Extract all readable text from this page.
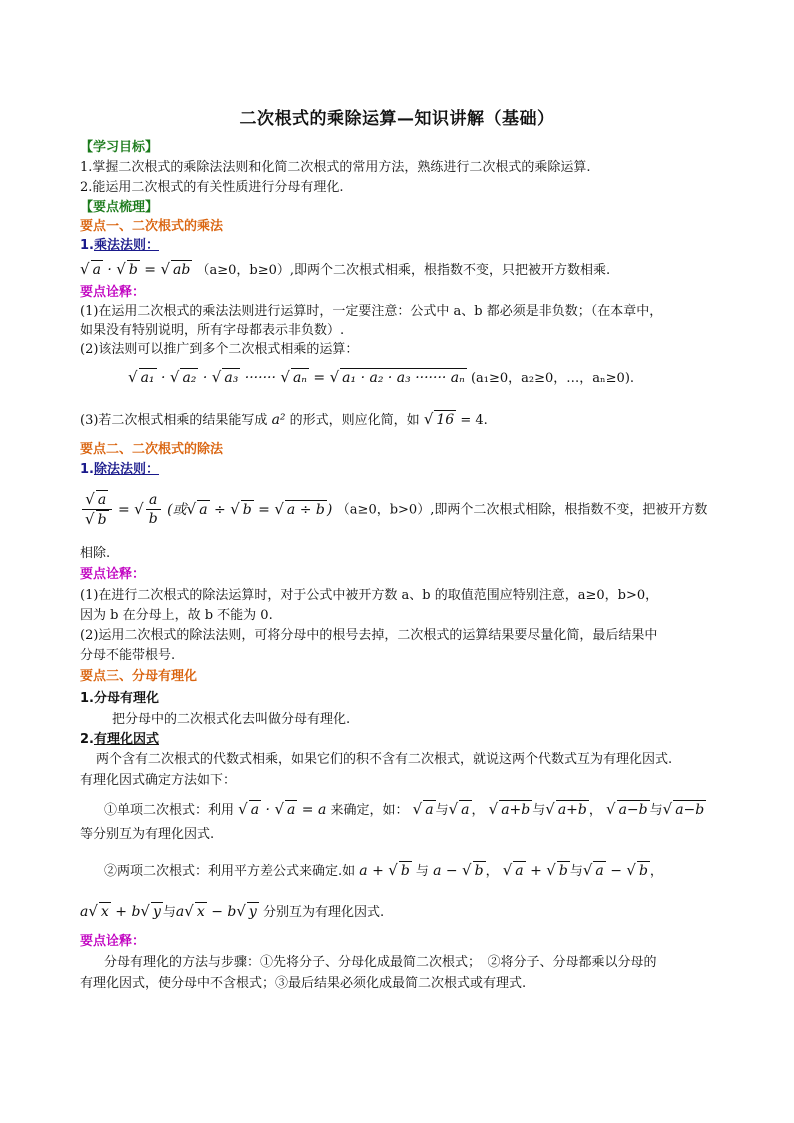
二次根式的乘除运算—知识讲解（基础）
【学习目标】
1.掌握二次根式的乘除法法则和化简二次根式的常用方法，熟练进行二次根式的乘除运算.
2.能运用二次根式的有关性质进行分母有理化.
【要点梳理】
要点一、二次根式的乘法
1.乘法法则：
√ a · √ b = √ ab （a≥0，b≥0）,即两个二次根式相乘，根指数不变，只把被开方数相乘.
要点诠释：
(1)在运用二次根式的乘法法则进行运算时，一定要注意：公式中 a、b 都必须是非负数；（在本章中，
如果没有特别说明，所有字母都表示非负数）.
(2)该法则可以推广到多个二次根式相乘的运算：
√ a₁ · √ a₂ · √ a₃ ······· √ aₙ = √ a₁ · a₂ · a₃ ······· aₙ (a₁≥0，a₂≥0，…，aₙ≥0).
(3)若二次根式相乘的结果能写成 a² 的形式，则应化简，如 √ 16 = 4.
要点二、二次根式的除法
1.除法法则：
$\frac{√ a}{√ b}$ = √ $\frac{a}{b}$ (或√ a ÷ √ b = √ a ÷ b ) （a≥0，b>0）,即两个二次根式相除，根指数不变，把被开方数
相除.
要点诠释：
(1)在进行二次根式的除法运算时，对于公式中被开方数 a、b 的取值范围应特别注意，a≥0，b>0，
因为 b 在分母上，故 b 不能为 0.
(2)运用二次根式的除法法则，可将分母中的根号去掉，二次根式的运算结果要尽量化简，最后结果中
分母不能带根号.
要点三、分母有理化
1.分母有理化
把分母中的二次根式化去叫做分母有理化.
2.有理化因式
两个含有二次根式的代数式相乘，如果它们的积不含有二次根式，就说这两个代数式互为有理化因式.
有理化因式确定方法如下：
①单项二次根式：利用 √ a · √ a = a 来确定，如： √ a 与√ a ， √ a+b 与√ a+b ， √ a−b 与√ a−b
等分别互为有理化因式.
②两项二次根式：利用平方差公式来确定.如 a + √ b 与 a − √ b ， √ a + √ b 与√ a − √ b ，
a√ x + b√ y 与a√ x − b√ y 分别互为有理化因式.
要点诠释：
分母有理化的方法与步骤：①先将分子、分母化成最简二次根式；　②将分子、分母都乘以分母的
有理化因式，使分母中不含根式；③最后结果必须化成最简二次根式或有理式.
